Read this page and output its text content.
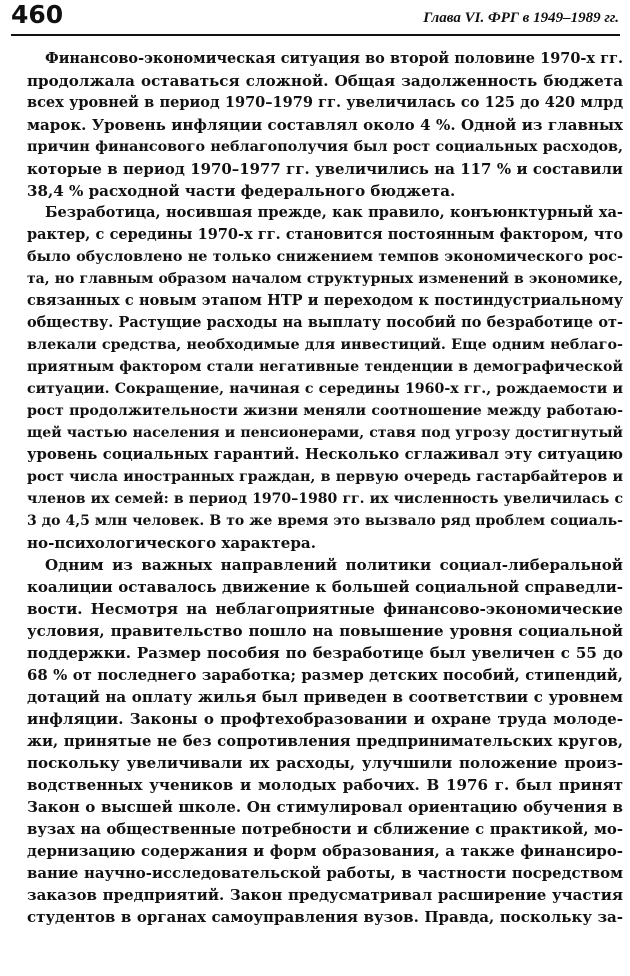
460	Глава VI. ФРГ в 1949–1989 гг.
Финансово-экономическая ситуация во второй половине 1970-х гг.
продолжала оставаться сложной. Общая задолженность бюджета
всех уровней в период 1970–1979 гг. увеличилась со 125 до 420 млрд
марок. Уровень инфляции составлял около 4 %. Одной из главных
причин финансового неблагополучия был рост социальных расходов,
которые в период 1970–1977 гг. увеличились на 117 % и составили
38,4 % расходной части федерального бюджета.
Безработица, носившая прежде, как правило, конъюнктурный ха-
рактер, с середины 1970-х гг. становится постоянным фактором, что
было обусловлено не только снижением темпов экономического рос-
та, но главным образом началом структурных изменений в экономике,
связанных с новым этапом НТР и переходом к постиндустриальному
обществу. Растущие расходы на выплату пособий по безработице от-
влекали средства, необходимые для инвестиций. Еще одним неблаго-
приятным фактором стали негативные тенденции в демографической
ситуации. Сокращение, начиная с середины 1960-х гг., рождаемости и
рост продолжительности жизни меняли соотношение между работаю-
щей частью населения и пенсионерами, ставя под угрозу достигнутый
уровень социальных гарантий. Несколько сглаживал эту ситуацию
рост числа иностранных граждан, в первую очередь гастарбайтеров и
членов их семей: в период 1970–1980 гг. их численность увеличилась с
3 до 4,5 млн человек. В то же время это вызвало ряд проблем социаль-
но-психологического характера.
Одним из важных направлений политики социал-либеральной
коалиции оставалось движение к большей социальной справедли-
вости. Несмотря на неблагоприятные финансово-экономические
условия, правительство пошло на повышение уровня социальной
поддержки. Размер пособия по безработице был увеличен с 55 до
68 % от последнего заработка; размер детских пособий, стипендий,
дотаций на оплату жилья был приведен в соответствии с уровнем
инфляции. Законы о профтехобразовании и охране труда молоде-
жи, принятые не без сопротивления предпринимательских кругов,
поскольку увеличивали их расходы, улучшили положение произ-
водственных учеников и молодых рабочих. В 1976 г. был принят
Закон о высшей школе. Он стимулировал ориентацию обучения в
вузах на общественные потребности и сближение с практикой, мо-
дернизацию содержания и форм образования, а также финансиро-
вание научно-исследовательской работы, в частности посредством
заказов предприятий. Закон предусматривал расширение участия
студентов в органах самоуправления вузов. Правда, поскольку за-
